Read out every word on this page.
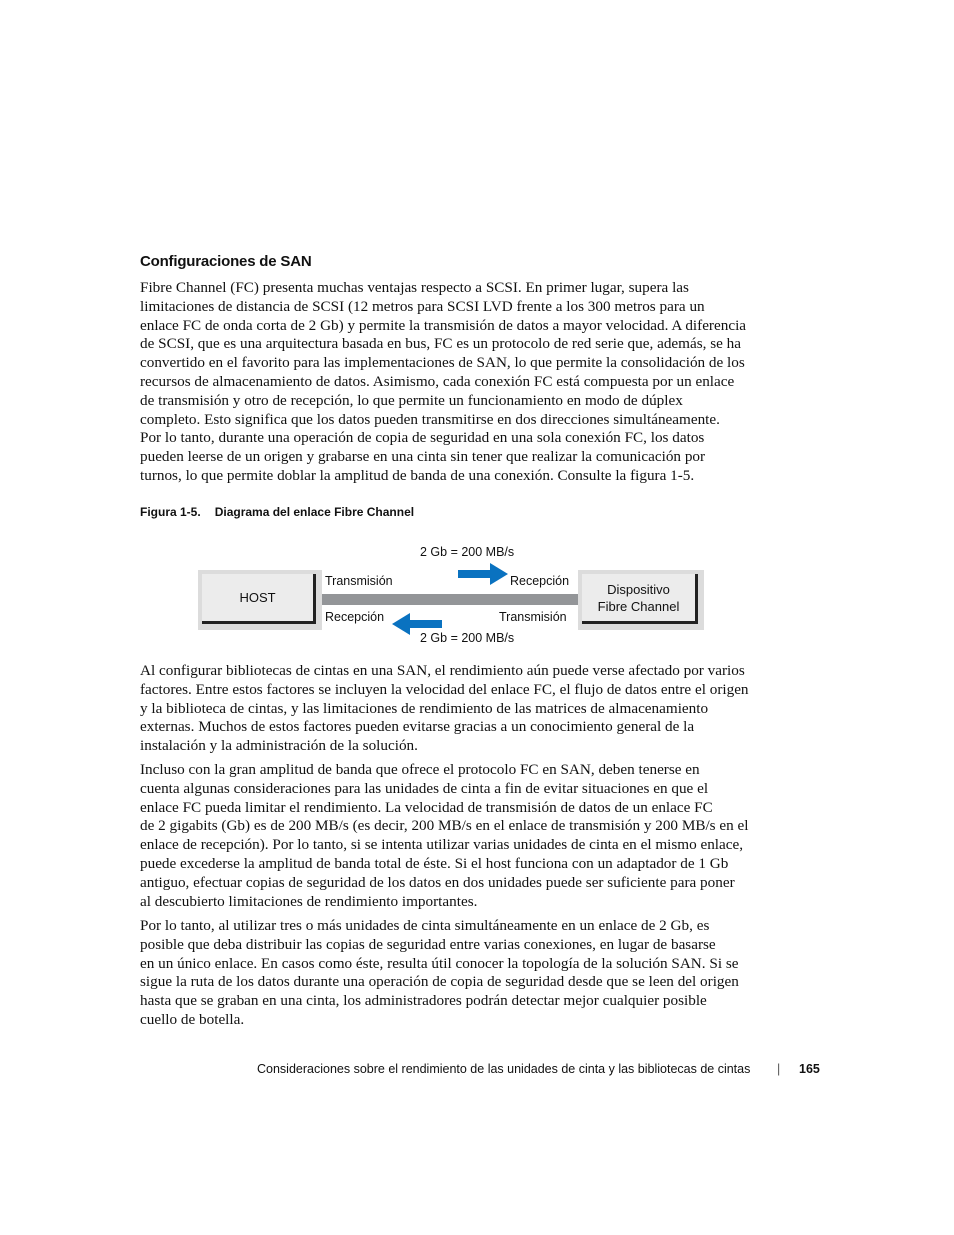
Configuraciones de SAN
Fibre Channel (FC) presenta muchas ventajas respecto a SCSI. En primer lugar, supera las
limitaciones de distancia de SCSI (12 metros para SCSI LVD frente a los 300 metros para un
enlace FC de onda corta de 2 Gb) y permite la transmisión de datos a mayor velocidad. A diferencia
de SCSI, que es una arquitectura basada en bus, FC es un protocolo de red serie que, además, se ha
convertido en el favorito para las implementaciones de SAN, lo que permite la consolidación de los
recursos de almacenamiento de datos. Asimismo, cada conexión FC está compuesta por un enlace
de transmisión y otro de recepción, lo que permite un funcionamiento en modo de dúplex
completo. Esto significa que los datos pueden transmitirse en dos direcciones simultáneamente.
Por lo tanto, durante una operación de copia de seguridad en una sola conexión FC, los datos
pueden leerse de un origen y grabarse en una cinta sin tener que realizar la comunicación por
turnos, lo que permite doblar la amplitud de banda de una conexión. Consulte la figura 1-5.
Figura 1-5. Diagrama del enlace Fibre Channel
HOST
Dispositivo
Fibre Channel
2 Gb = 200 MB/s
2 Gb = 200 MB/s
Transmisión
Recepción
Recepción
Transmisión
Al configurar bibliotecas de cintas en una SAN, el rendimiento aún puede verse afectado por varios
factores. Entre estos factores se incluyen la velocidad del enlace FC, el flujo de datos entre el origen
y la biblioteca de cintas, y las limitaciones de rendimiento de las matrices de almacenamiento
externas. Muchos de estos factores pueden evitarse gracias a un conocimiento general de la
instalación y la administración de la solución.
Incluso con la gran amplitud de banda que ofrece el protocolo FC en SAN, deben tenerse en
cuenta algunas consideraciones para las unidades de cinta a fin de evitar situaciones en que el
enlace FC pueda limitar el rendimiento. La velocidad de transmisión de datos de un enlace FC
de 2 gigabits (Gb) es de 200 MB/s (es decir, 200 MB/s en el enlace de transmisión y 200 MB/s en el
enlace de recepción). Por lo tanto, si se intenta utilizar varias unidades de cinta en el mismo enlace,
puede excederse la amplitud de banda total de éste. Si el host funciona con un adaptador de 1 Gb
antiguo, efectuar copias de seguridad de los datos en dos unidades puede ser suficiente para poner
al descubierto limitaciones de rendimiento importantes.
Por lo tanto, al utilizar tres o más unidades de cinta simultáneamente en un enlace de 2 Gb, es
posible que deba distribuir las copias de seguridad entre varias conexiones, en lugar de basarse
en un único enlace. En casos como éste, resulta útil conocer la topología de la solución SAN. Si se
sigue la ruta de los datos durante una operación de copia de seguridad desde que se leen del origen
hasta que se graban en una cinta, los administradores podrán detectar mejor cualquier posible
cuello de botella.
Consideraciones sobre el rendimiento de las unidades de cinta y las bibliotecas de cintas | 165
